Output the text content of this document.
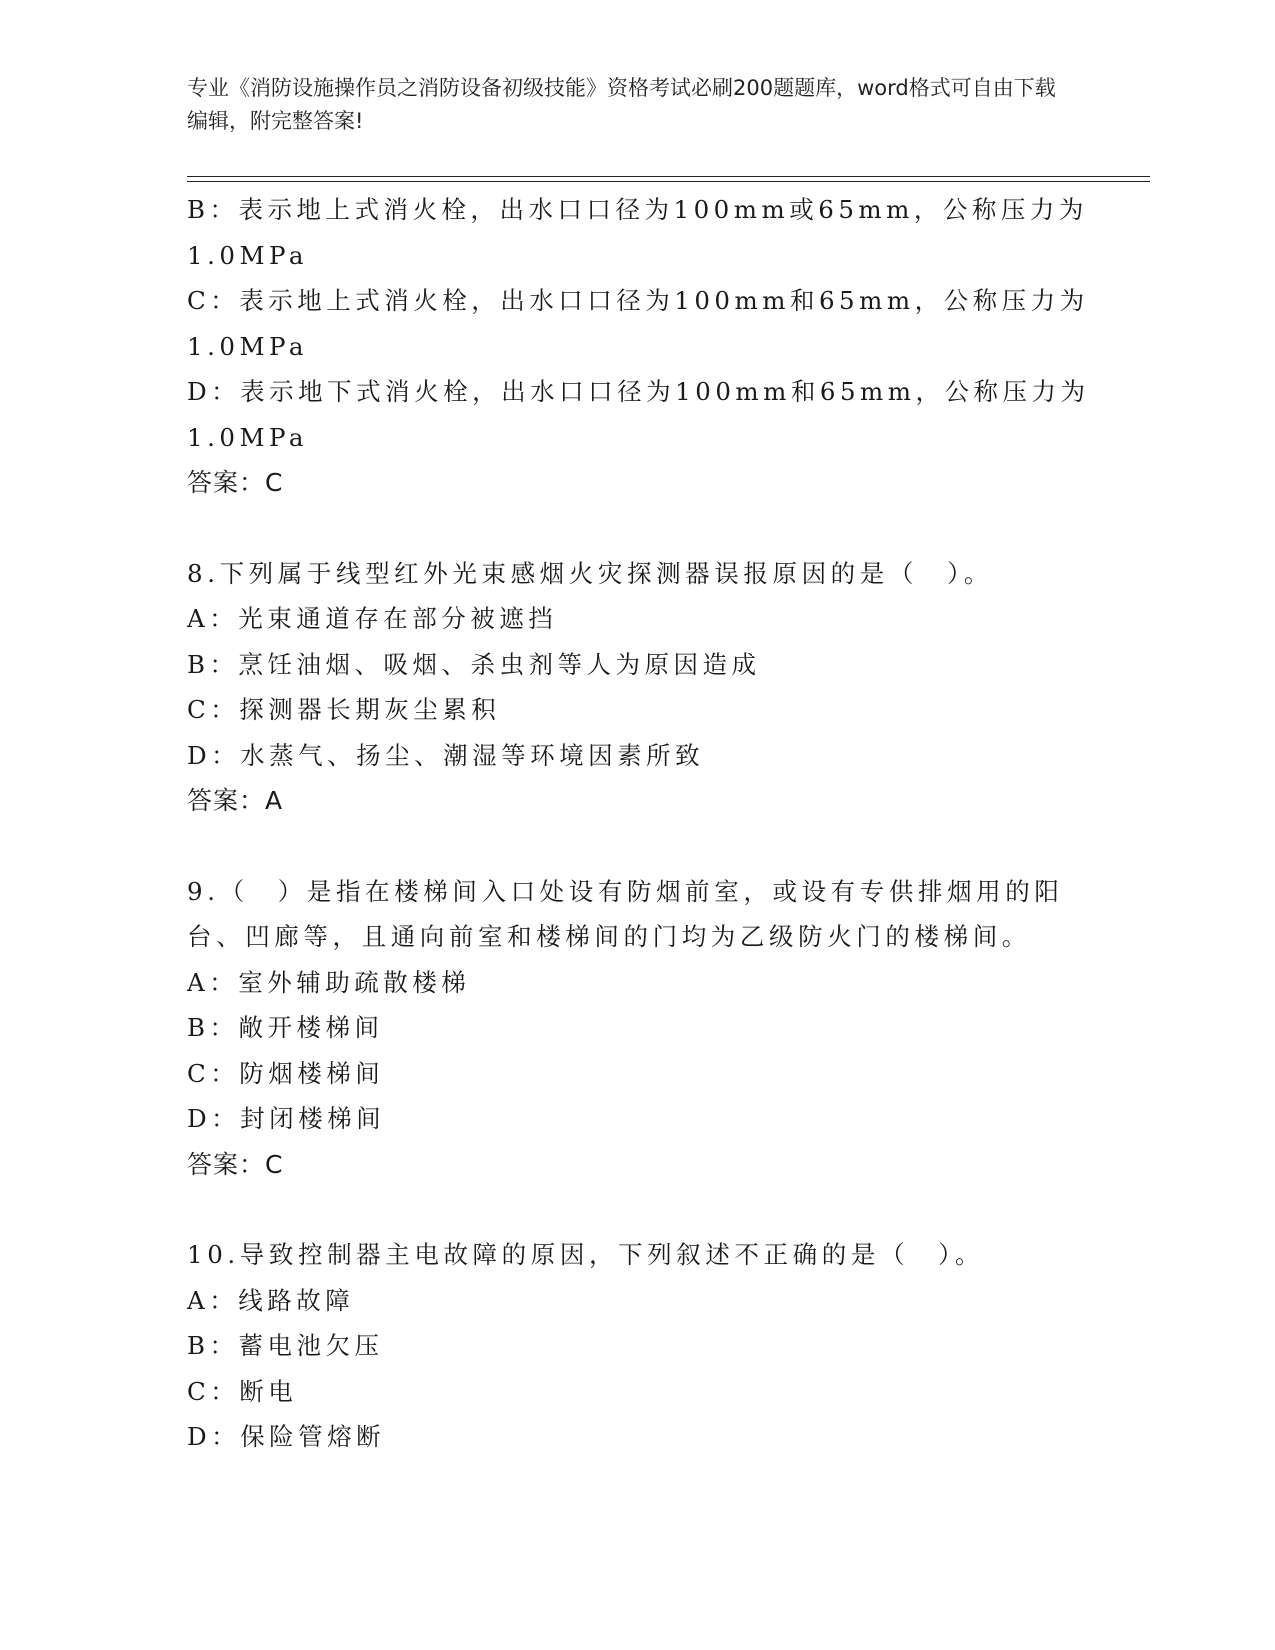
专业《消防设施操作员之消防设备初级技能》资格考试必刷200题题库，word格式可自由下载编辑，附完整答案!
B：表示地上式消火栓，出水口口径为100mm或65mm，公称压力为
1.0MPa
C：表示地上式消火栓，出水口口径为100mm和65mm，公称压力为
1.0MPa
D：表示地下式消火栓，出水口口径为100mm和65mm，公称压力为
1.0MPa
答案：C
8.下列属于线型红外光束感烟火灾探测器误报原因的是（　）。
A：光束通道存在部分被遮挡
B：烹饪油烟、吸烟、杀虫剂等人为原因造成
C：探测器长期灰尘累积
D：水蒸气、扬尘、潮湿等环境因素所致
答案：A
9.（　）是指在楼梯间入口处设有防烟前室，或设有专供排烟用的阳
台、凹廊等，且通向前室和楼梯间的门均为乙级防火门的楼梯间。
A：室外辅助疏散楼梯
B：敞开楼梯间
C：防烟楼梯间
D：封闭楼梯间
答案：C
10.导致控制器主电故障的原因，下列叙述不正确的是（　）。
A：线路故障
B：蓄电池欠压
C：断电
D：保险管熔断
